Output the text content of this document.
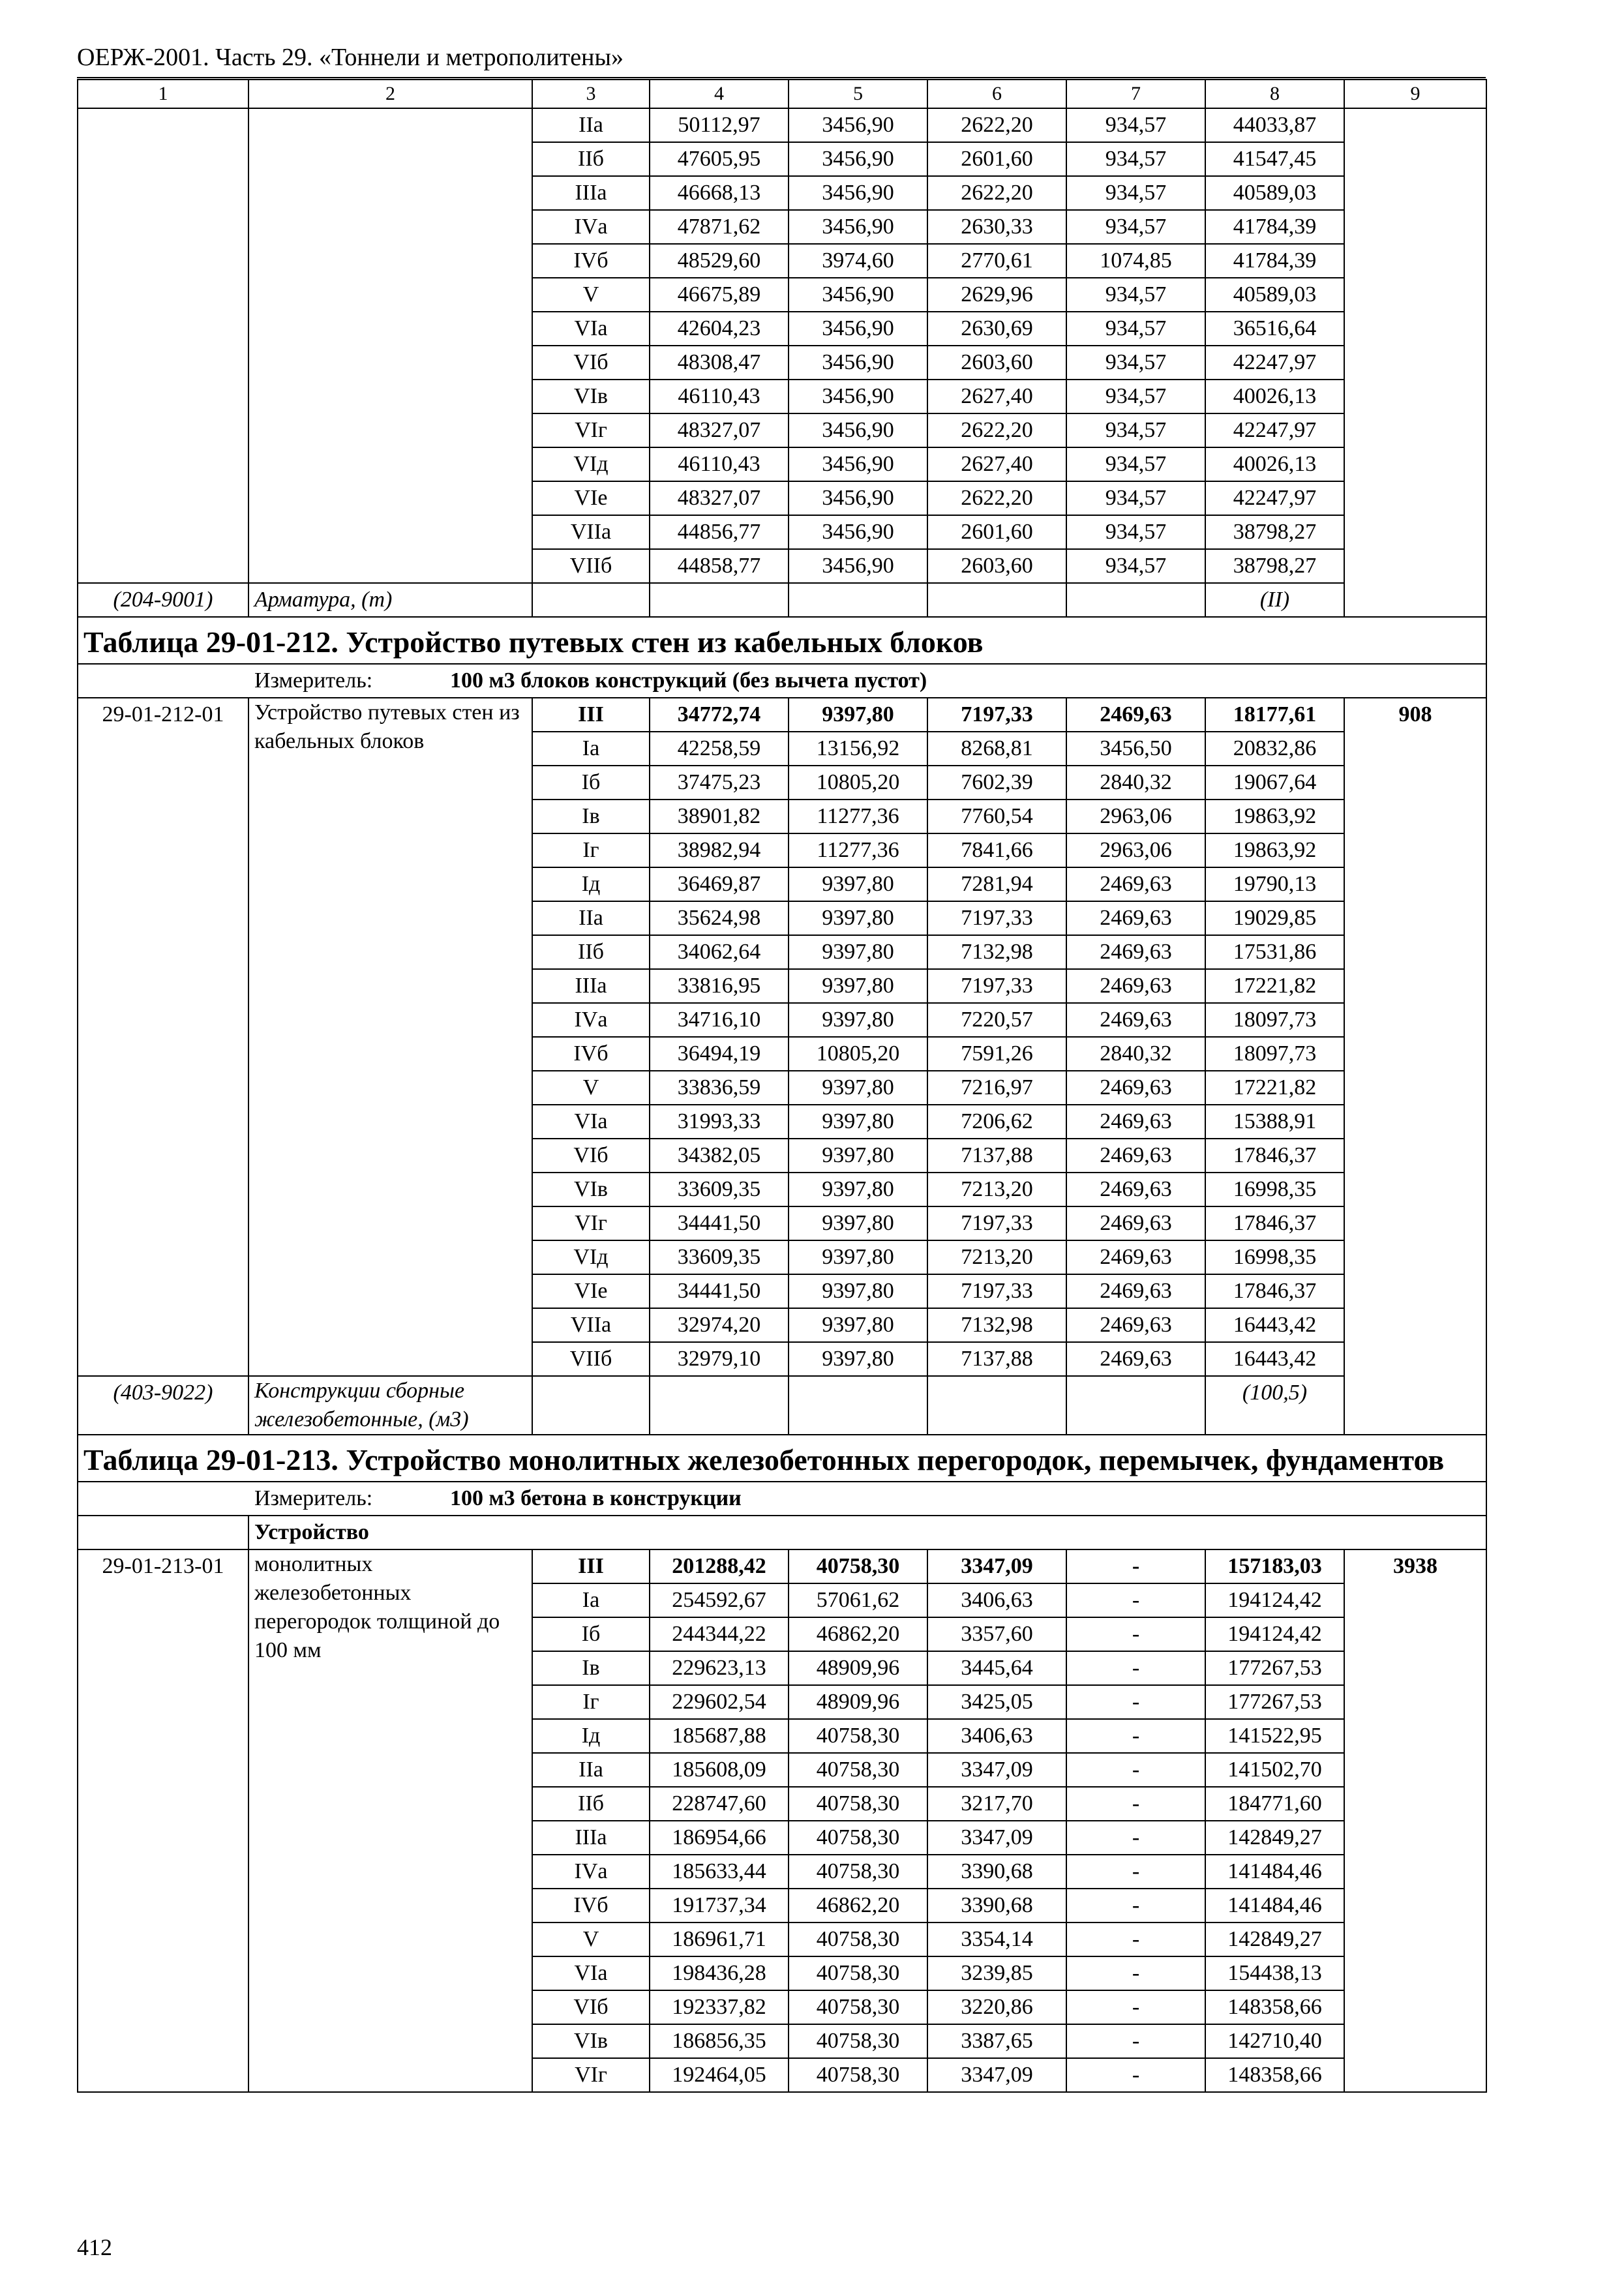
ОЕРЖ-2001. Часть 29. «Тоннели и метрополитены»
1	2	3	4	5	6	7	8	9
		IIа	50112,97	3456,90	2622,20	934,57	44033,87	
		IIб	47605,95	3456,90	2601,60	934,57	41547,45	
		IIIа	46668,13	3456,90	2622,20	934,57	40589,03	
		IVа	47871,62	3456,90	2630,33	934,57	41784,39	
		IVб	48529,60	3974,60	2770,61	1074,85	41784,39	
		V	46675,89	3456,90	2629,96	934,57	40589,03	
		VIа	42604,23	3456,90	2630,69	934,57	36516,64	
		VIб	48308,47	3456,90	2603,60	934,57	42247,97	
		VIв	46110,43	3456,90	2627,40	934,57	40026,13	
		VIг	48327,07	3456,90	2622,20	934,57	42247,97	
		VIд	46110,43	3456,90	2627,40	934,57	40026,13	
		VIе	48327,07	3456,90	2622,20	934,57	42247,97	
		VIIа	44856,77	3456,90	2601,60	934,57	38798,27	
		VIIб	44858,77	3456,90	2603,60	934,57	38798,27	
(204-9001)	Арматура, (т)						(II)	
Таблица 29-01-212. Устройство путевых стен из кабельных блоков								
Измеритель: 100 м3 блоков конструкций (без вычета пустот)								
29-01-212-01	Устройство путевых стен из кабельных блоков	III	34772,74	9397,80	7197,33	2469,63	18177,61	908
		Iа	42258,59	13156,92	8268,81	3456,50	20832,86	
		Iб	37475,23	10805,20	7602,39	2840,32	19067,64	
		Iв	38901,82	11277,36	7760,54	2963,06	19863,92	
		Iг	38982,94	11277,36	7841,66	2963,06	19863,92	
		Iд	36469,87	9397,80	7281,94	2469,63	19790,13	
		IIа	35624,98	9397,80	7197,33	2469,63	19029,85	
		IIб	34062,64	9397,80	7132,98	2469,63	17531,86	
		IIIа	33816,95	9397,80	7197,33	2469,63	17221,82	
		IVа	34716,10	9397,80	7220,57	2469,63	18097,73	
		IVб	36494,19	10805,20	7591,26	2840,32	18097,73	
		V	33836,59	9397,80	7216,97	2469,63	17221,82	
		VIа	31993,33	9397,80	7206,62	2469,63	15388,91	
		VIб	34382,05	9397,80	7137,88	2469,63	17846,37	
		VIв	33609,35	9397,80	7213,20	2469,63	16998,35	
		VIг	34441,50	9397,80	7197,33	2469,63	17846,37	
		VIд	33609,35	9397,80	7213,20	2469,63	16998,35	
		VIе	34441,50	9397,80	7197,33	2469,63	17846,37	
		VIIа	32974,20	9397,80	7132,98	2469,63	16443,42	
		VIIб	32979,10	9397,80	7137,88	2469,63	16443,42	
(403-9022)	Конструкции сборные железобетонные, (м3)						(100,5)	
Таблица 29-01-213. Устройство монолитных железобетонных перегородок, перемычек, фундаментов								
Измеритель: 100 м3 бетона в конструкции								
	Устройство							
29-01-213-01	монолитных железобетонных перегородок толщиной до 100 мм	III	201288,42	40758,30	3347,09	-	157183,03	3938
		Iа	254592,67	57061,62	3406,63	-	194124,42	
		Iб	244344,22	46862,20	3357,60	-	194124,42	
		Iв	229623,13	48909,96	3445,64	-	177267,53	
		Iг	229602,54	48909,96	3425,05	-	177267,53	
		Iд	185687,88	40758,30	3406,63	-	141522,95	
		IIа	185608,09	40758,30	3347,09	-	141502,70	
		IIб	228747,60	40758,30	3217,70	-	184771,60	
		IIIа	186954,66	40758,30	3347,09	-	142849,27	
		IVа	185633,44	40758,30	3390,68	-	141484,46	
		IVб	191737,34	46862,20	3390,68	-	141484,46	
		V	186961,71	40758,30	3354,14	-	142849,27	
		VIа	198436,28	40758,30	3239,85	-	154438,13	
		VIб	192337,82	40758,30	3220,86	-	148358,66	
		VIв	186856,35	40758,30	3387,65	-	142710,40	
		VIг	192464,05	40758,30	3347,09	-	148358,66	
412
